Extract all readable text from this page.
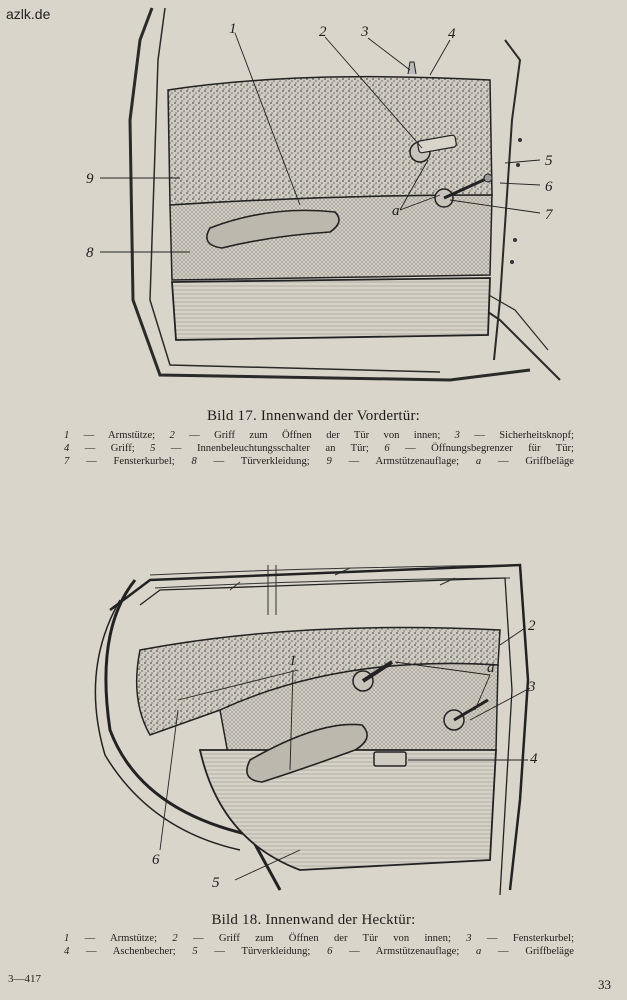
azlk.de

1	2 3	4
5
6
7
8
9
a
Bild 17. Innenwand der Vordertür:
1 — Armstütze; 2 — Griff zum Öffnen der Tür von innen; 3 — Sicherheitsknopf;
4 — Griff; 5 — Innenbeleuchtungsschalter an Tür; 6 — Öffnungsbegrenzer für Tür;
7 — Fensterkurbel; 8 — Türverkleidung; 9 — Armstützenauflage; a — Griffbeläge
1
2
3
4
5
6
a
Bild 18. Innenwand der Hecktür:
1 — Armstütze; 2 — Griff zum Öffnen der Tür von innen; 3 — Fensterkurbel;
4 — Aschenbecher; 5 — Türverkleidung; 6 — Armstützenauflage; a — Griffbeläge
3—417	33
